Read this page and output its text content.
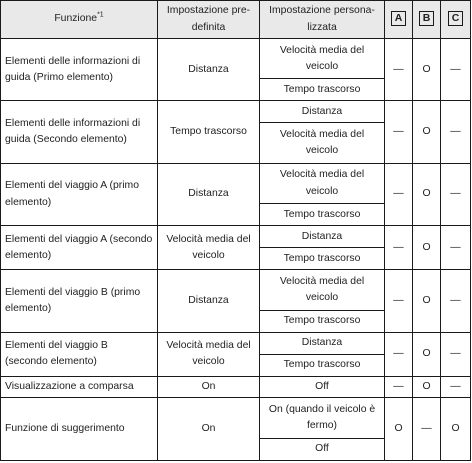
Funzione$^{*1}$	Impostazione pre-definita	Impostazione persona-lizzata	A	B	C
Elementi delle informazioni di guida (Primo elemento)	Distanza	Velocità media del veicolo	—	O	—
		Tempo trascorso			
Elementi delle informazioni di guida (Secondo elemento)	Tempo trascorso	Distanza	—	O	—
		Velocità media del veicolo			
Elementi del viaggio A (primo elemento)	Distanza	Velocità media del veicolo	—	O	—
		Tempo trascorso			
Elementi del viaggio A (secondo elemento)	Velocità media del veicolo	Distanza	—	O	—
		Tempo trascorso			
Elementi del viaggio B (primo elemento)	Distanza	Velocità media del veicolo	—	O	—
		Tempo trascorso			
Elementi del viaggio B (secondo elemento)	Velocità media del veicolo	Distanza	—	O	—
		Tempo trascorso			
Visualizzazione a comparsa	On	Off	—	O	—
Funzione di suggerimento	On	On (quando il veicolo è fermo)	O	—	O
		Off			
